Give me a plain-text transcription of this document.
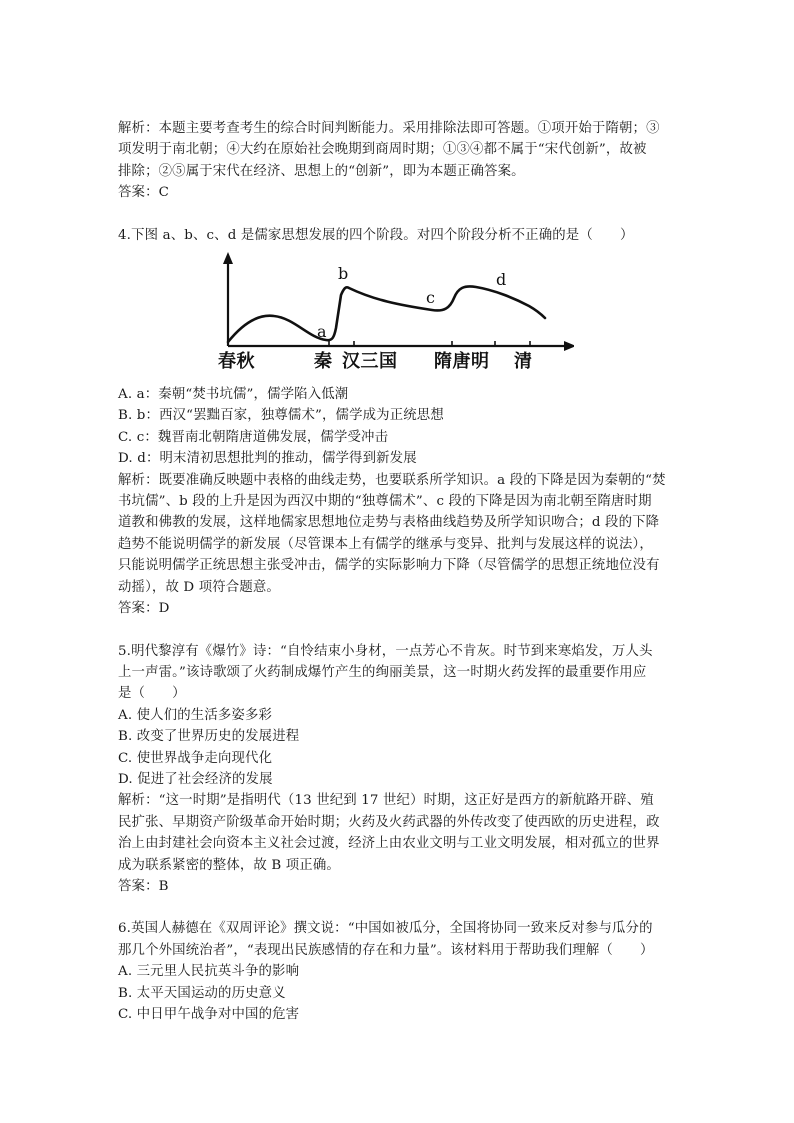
解析：本题主要考查考生的综合时间判断能力。采用排除法即可答题。①项开始于隋朝；③
项发明于南北朝；④大约在原始社会晚期到商周时期；①③④都不属于“宋代创新”，故被
排除；②⑤属于宋代在经济、思想上的“创新”，即为本题正确答案。
答案：C
4.下图 a、b、c、d 是儒家思想发展的四个阶段。对四个阶段分析不正确的是（　　）
a
b
c
d
春秋	秦 汉三国 隋唐明 清
A. a：秦朝“焚书坑儒”，儒学陷入低潮
B. b：西汉“罢黜百家，独尊儒术”，儒学成为正统思想
C. c：魏晋南北朝隋唐道佛发展，儒学受冲击
D. d：明末清初思想批判的推动，儒学得到新发展
解析：既要准确反映题中表格的曲线走势，也要联系所学知识。a 段的下降是因为秦朝的“焚
书坑儒”、b 段的上升是因为西汉中期的“独尊儒术”、c 段的下降是因为南北朝至隋唐时期
道教和佛教的发展，这样地儒家思想地位走势与表格曲线趋势及所学知识吻合；d 段的下降
趋势不能说明儒学的新发展（尽管课本上有儒学的继承与变异、批判与发展这样的说法），
只能说明儒学正统思想主张受冲击，儒学的实际影响力下降（尽管儒学的思想正统地位没有
动摇），故 D 项符合题意。
答案：D
5.明代黎淳有《爆竹》诗：“自怜结束小身材，一点芳心不肯灰。时节到来寒焰发，万人头
上一声雷。”该诗歌颂了火药制成爆竹产生的绚丽美景，这一时期火药发挥的最重要作用应
是（　　）
A. 使人们的生活多姿多彩
B. 改变了世界历史的发展进程
C. 使世界战争走向现代化
D. 促进了社会经济的发展
解析：“这一时期”是指明代（13 世纪到 17 世纪）时期，这正好是西方的新航路开辟、殖
民扩张、早期资产阶级革命开始时期；火药及火药武器的外传改变了使西欧的历史进程，政
治上由封建社会向资本主义社会过渡，经济上由农业文明与工业文明发展，相对孤立的世界
成为联系紧密的整体，故 B 项正确。
答案：B
6.英国人赫德在《双周评论》撰文说：“中国如被瓜分，全国将协同一致来反对参与瓜分的
那几个外国统治者”，“表现出民族感情的存在和力量”。该材料用于帮助我们理解（　　）
A. 三元里人民抗英斗争的影响
B. 太平天国运动的历史意义
C. 中日甲午战争对中国的危害
